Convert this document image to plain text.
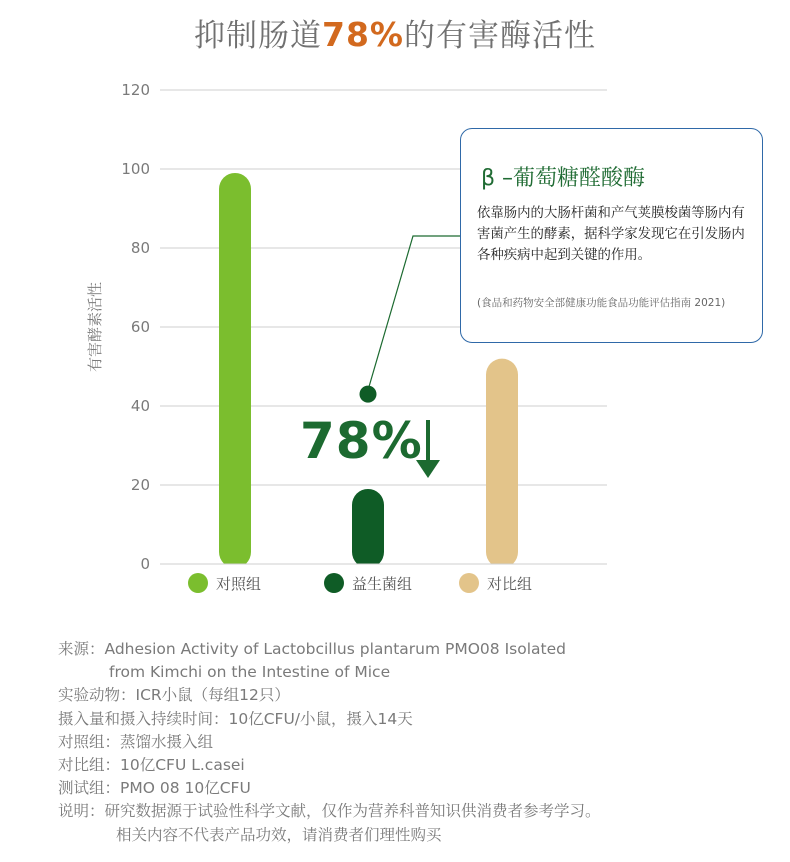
抑制肠道78%的有害酶活性
0
20
40
60
80
100
120
有害酵素活性
对照组	益生菌组	对比组
78%
β –葡萄糖醛酸酶
依靠肠内的大肠杆菌和产气荚膜梭菌等肠内有害菌产生的酵素，据科学家发现它在引发肠内各种疾病中起到关键的作用。
(食品和药物安全部健康功能食品功能评估指南 2021)
来源：Adhesion Activity of Lactobcillus plantarum PMO08 Isolated
from Kimchi on the Intestine of Mice
实验动物：ICR小鼠（每组12只）
摄入量和摄入持续时间：10亿CFU/小鼠，摄入14天
对照组：蒸馏水摄入组
对比组：10亿CFU L.casei
测试组：PMO 08 10亿CFU
说明：研究数据源于试验性科学文献，仅作为营养科普知识供消费者参考学习。
相关内容不代表产品功效，请消费者们理性购买
